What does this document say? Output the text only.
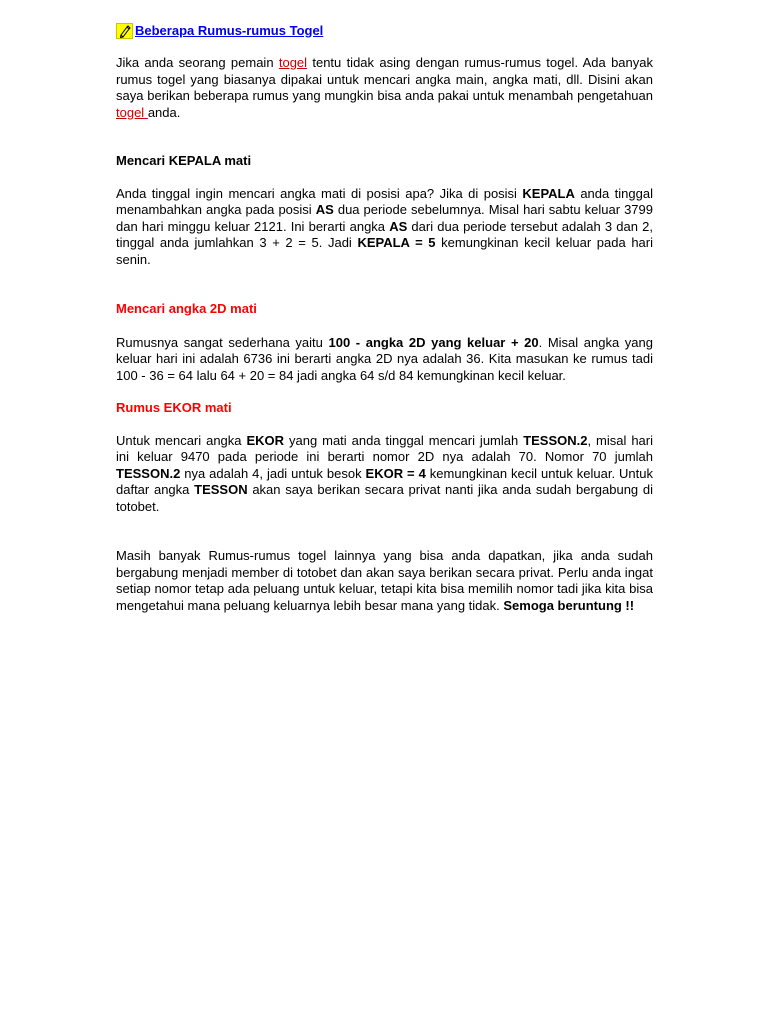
Beberapa Rumus-rumus Togel

Jika anda seorang pemain togel tentu tidak asing dengan rumus-rumus togel. Ada banyak rumus togel yang biasanya dipakai untuk mencari angka main, angka mati, dll. Disini akan saya berikan beberapa rumus yang mungkin bisa anda pakai untuk menambah pengetahuan togel anda.

Mencari KEPALA mati

Anda tinggal ingin mencari angka mati di posisi apa? Jika di posisi KEPALA anda tinggal menambahkan angka pada posisi AS dua periode sebelumnya. Misal hari sabtu keluar 3799 dan hari minggu keluar 2121. Ini berarti angka AS dari dua periode tersebut adalah 3 dan 2, tinggal anda jumlahkan 3 + 2 = 5. Jadi KEPALA = 5 kemungkinan kecil keluar pada hari senin.

Mencari angka 2D mati

Rumusnya sangat sederhana yaitu 100 - angka 2D yang keluar + 20. Misal angka yang keluar hari ini adalah 6736 ini berarti angka 2D nya adalah 36. Kita masukan ke rumus tadi 100 - 36 = 64 lalu 64 + 20 = 84 jadi angka 64 s/d 84 kemungkinan kecil keluar.

Rumus EKOR mati

Untuk mencari angka EKOR yang mati anda tinggal mencari jumlah TESSON.2, misal hari ini keluar 9470 pada periode ini berarti nomor 2D nya adalah 70. Nomor 70 jumlah TESSON.2 nya adalah 4, jadi untuk besok EKOR = 4 kemungkinan kecil untuk keluar. Untuk daftar angka TESSON akan saya berikan secara privat nanti jika anda sudah bergabung di totobet.

Masih banyak Rumus-rumus togel lainnya yang bisa anda dapatkan, jika anda sudah bergabung menjadi member di totobet dan akan saya berikan secara privat. Perlu anda ingat setiap nomor tetap ada peluang untuk keluar, tetapi kita bisa memilih nomor tadi jika kita bisa mengetahui mana peluang keluarnya lebih besar mana yang tidak. Semoga beruntung !!
